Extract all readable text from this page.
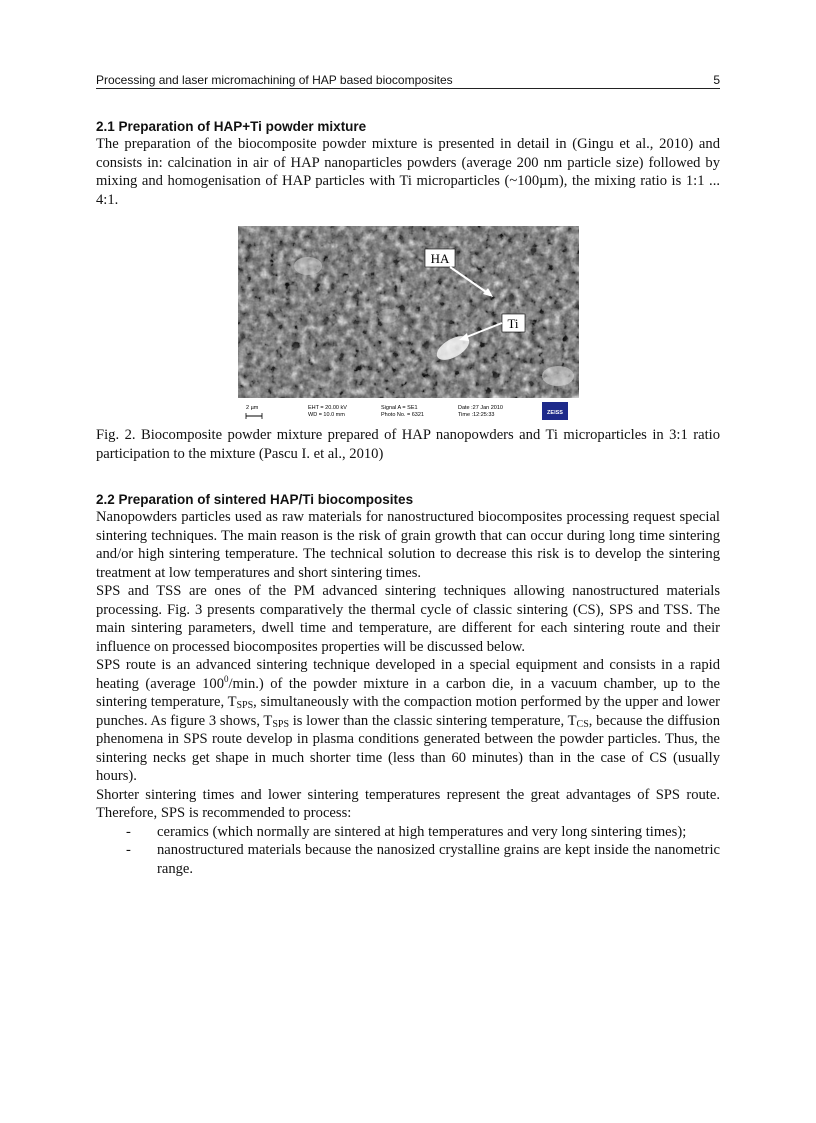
Processing and laser micromachining of HAP based biocomposites	5
2.1 Preparation of HAP+Ti powder mixture

The preparation of the biocomposite powder mixture is presented in detail in (Gingu et al., 2010) and consists in: calcination in air of HAP nanoparticles powders (average 200 nm particle size) followed by mixing and homogenisation of HAP particles with Ti microparticles (~100µm), the mixing ratio is 1:1 ... 4:1.

HA
Ti
2 µm	EHT = 20.00 kV
WD = 10.0 mm
Signal A = SE1
Photo No. = 6321
Date :27 Jan 2010
Time :12:25:33	ZEISS

Fig. 2. Biocomposite powder mixture prepared of HAP nanopowders and Ti microparticles in 3:1 ratio participation to the mixture (Pascu I. et al., 2010)

2.2 Preparation of sintered HAP/Ti biocomposites

Nanopowders particles used as raw materials for nanostructured biocomposites processing request special sintering techniques. The main reason is the risk of grain growth that can occur during long time sintering and/or high sintering temperature. The technical solution to decrease this risk is to develop the sintering treatment at low temperatures and short sintering times.

SPS and TSS are ones of the PM advanced sintering techniques allowing nanostructured materials processing. Fig. 3 presents comparatively the thermal cycle of classic sintering (CS), SPS and TSS. The main sintering parameters, dwell time and temperature, are different for each sintering route and their influence on processed biocomposites properties will be discussed below.

SPS route is an advanced sintering technique developed in a special equipment and consists in a rapid heating (average $100^0/\min$.) of the powder mixture in a carbon die, in a vacuum chamber, up to the sintering temperature, $T_{SPS}$, simultaneously with the compaction motion performed by the upper and lower punches. As figure 3 shows, $T_{SPS}$ is lower than the classic sintering temperature, $T_{CS}$, because the diffusion phenomena in SPS route develop in plasma conditions generated between the powder particles. Thus, the sintering necks get shape in much shorter time (less than 60 minutes) than in the case of CS (usually hours).

Shorter sintering times and lower sintering temperatures represent the great advantages of SPS route. Therefore, SPS is recommended to process:

- ceramics (which normally are sintered at high temperatures and very long sintering times);
- nanostructured materials because the nanosized crystalline grains are kept inside the nanometric range.
